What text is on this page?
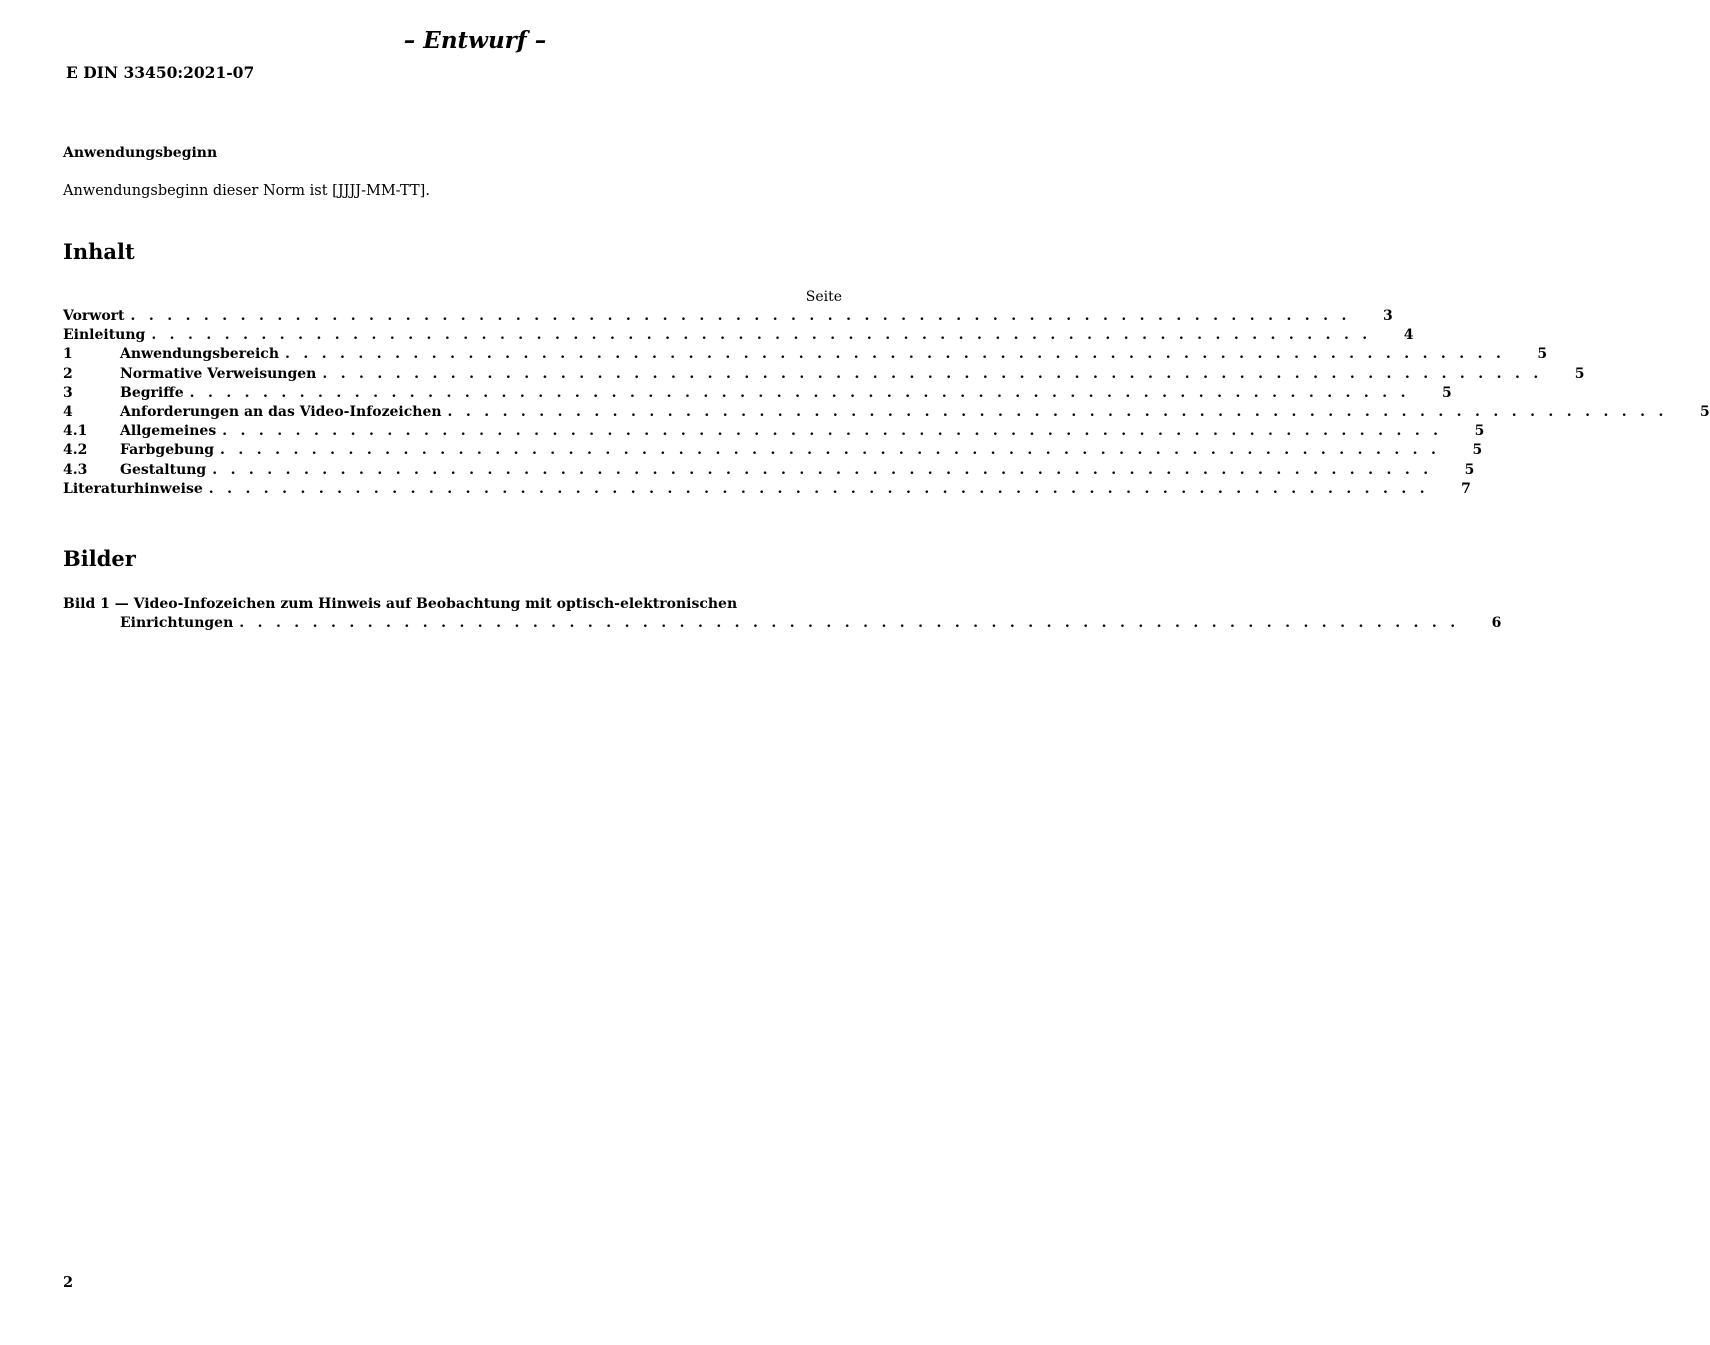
– Entwurf –
E DIN 33450:2021-07
Anwendungsbeginn
Anwendungsbeginn dieser Norm ist [JJJJ-MM-TT].
Inhalt
Seite
Vorwort . . . . . . . . . . . . . . . . . . . . . . . . . . . . . . . . . . . . . . . . . . . . . . . . . . . . . . . . . . . . . . . . . . . 3
Einleitung . . . . . . . . . . . . . . . . . . . . . . . . . . . . . . . . . . . . . . . . . . . . . . . . . . . . . . . . . . . . . . . . . . . 4
1	Anwendungsbereich . . . . . . . . . . . . . . . . . . . . . . . . . . . . . . . . . . . . . . . . . . . . . . . . . . . . . . . . . . . . . . . . . . . 5
2	Normative Verweisungen . . . . . . . . . . . . . . . . . . . . . . . . . . . . . . . . . . . . . . . . . . . . . . . . . . . . . . . . . . . . . . . . . . . 5
3	Begriffe . . . . . . . . . . . . . . . . . . . . . . . . . . . . . . . . . . . . . . . . . . . . . . . . . . . . . . . . . . . . . . . . . . . 5
4	Anforderungen an das Video-Infozeichen . . . . . . . . . . . . . . . . . . . . . . . . . . . . . . . . . . . . . . . . . . . . . . . . . . . . . . . . . . . . . . . . . . . 5
4.1	Allgemeines . . . . . . . . . . . . . . . . . . . . . . . . . . . . . . . . . . . . . . . . . . . . . . . . . . . . . . . . . . . . . . . . . . . 5
4.2	Farbgebung . . . . . . . . . . . . . . . . . . . . . . . . . . . . . . . . . . . . . . . . . . . . . . . . . . . . . . . . . . . . . . . . . . . 5
4.3	Gestaltung . . . . . . . . . . . . . . . . . . . . . . . . . . . . . . . . . . . . . . . . . . . . . . . . . . . . . . . . . . . . . . . . . . . 5
Literaturhinweise . . . . . . . . . . . . . . . . . . . . . . . . . . . . . . . . . . . . . . . . . . . . . . . . . . . . . . . . . . . . . . . . . . . 7
Bilder
Bild 1 — Video-Infozeichen zum Hinweis auf Beobachtung mit optisch-elektronischen
Einrichtungen . . . . . . . . . . . . . . . . . . . . . . . . . . . . . . . . . . . . . . . . . . . . . . . . . . . . . . . . . . . . . . . . . . . 6
2
